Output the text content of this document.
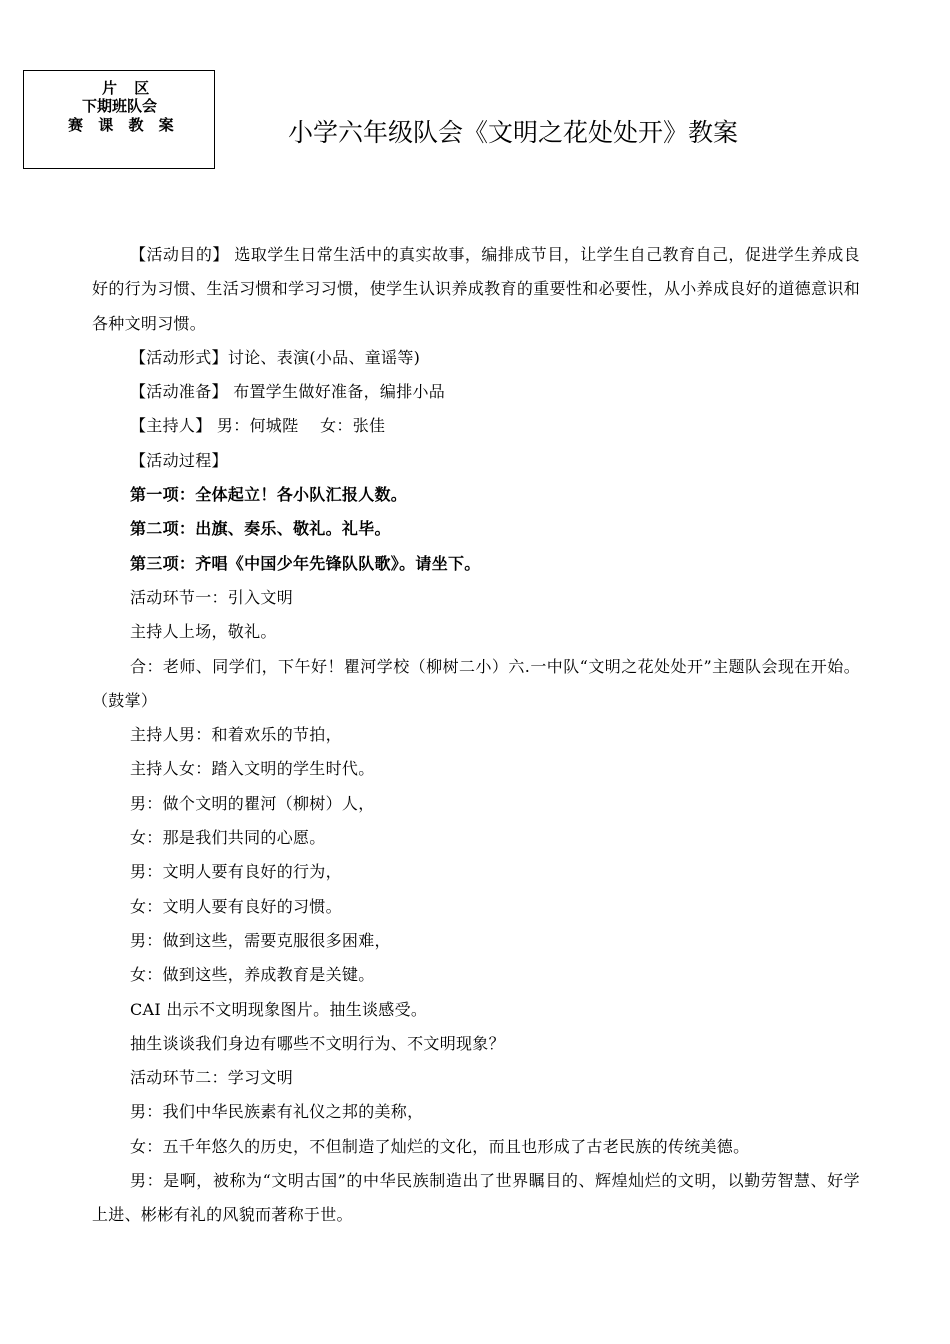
片 区
下期班队会
赛 课 教 案	小学六年级队会《文明之花处处开》教案

【活动目的】 选取学生日常生活中的真实故事，编排成节目，让学生自己教育自己，促进学生养成良好的行为习惯、生活习惯和学习习惯，使学生认识养成教育的重要性和必要性，从小养成良好的道德意识和各种文明习惯。

【活动形式】讨论、表演(小品、童谣等)

【活动准备】 布置学生做好准备，编排小品

【主持人】 男：何城陛　 女：张佳

【活动过程】

第一项：全体起立！各小队汇报人数。

第二项：出旗、奏乐、敬礼。礼毕。

第三项：齐唱《中国少年先锋队队歌》。请坐下。

活动环节一：引入文明

主持人上场，敬礼。

合：老师、同学们，下午好！瞿河学校（柳树二小）六.一中队“文明之花处处开”主题队会现在开始。（鼓掌）

主持人男：和着欢乐的节拍，

主持人女：踏入文明的学生时代。

男：做个文明的瞿河（柳树）人，

女：那是我们共同的心愿。

男：文明人要有良好的行为，

女：文明人要有良好的习惯。

男：做到这些，需要克服很多困难，

女：做到这些，养成教育是关键。

CAI 出示不文明现象图片。抽生谈感受。

抽生谈谈我们身边有哪些不文明行为、不文明现象？

活动环节二：学习文明

男：我们中华民族素有礼仪之邦的美称，

女：五千年悠久的历史，不但制造了灿烂的文化，而且也形成了古老民族的传统美德。

男：是啊，被称为“文明古国”的中华民族制造出了世界瞩目的、辉煌灿烂的文明，以勤劳智慧、好学上进、彬彬有礼的风貌而著称于世。
